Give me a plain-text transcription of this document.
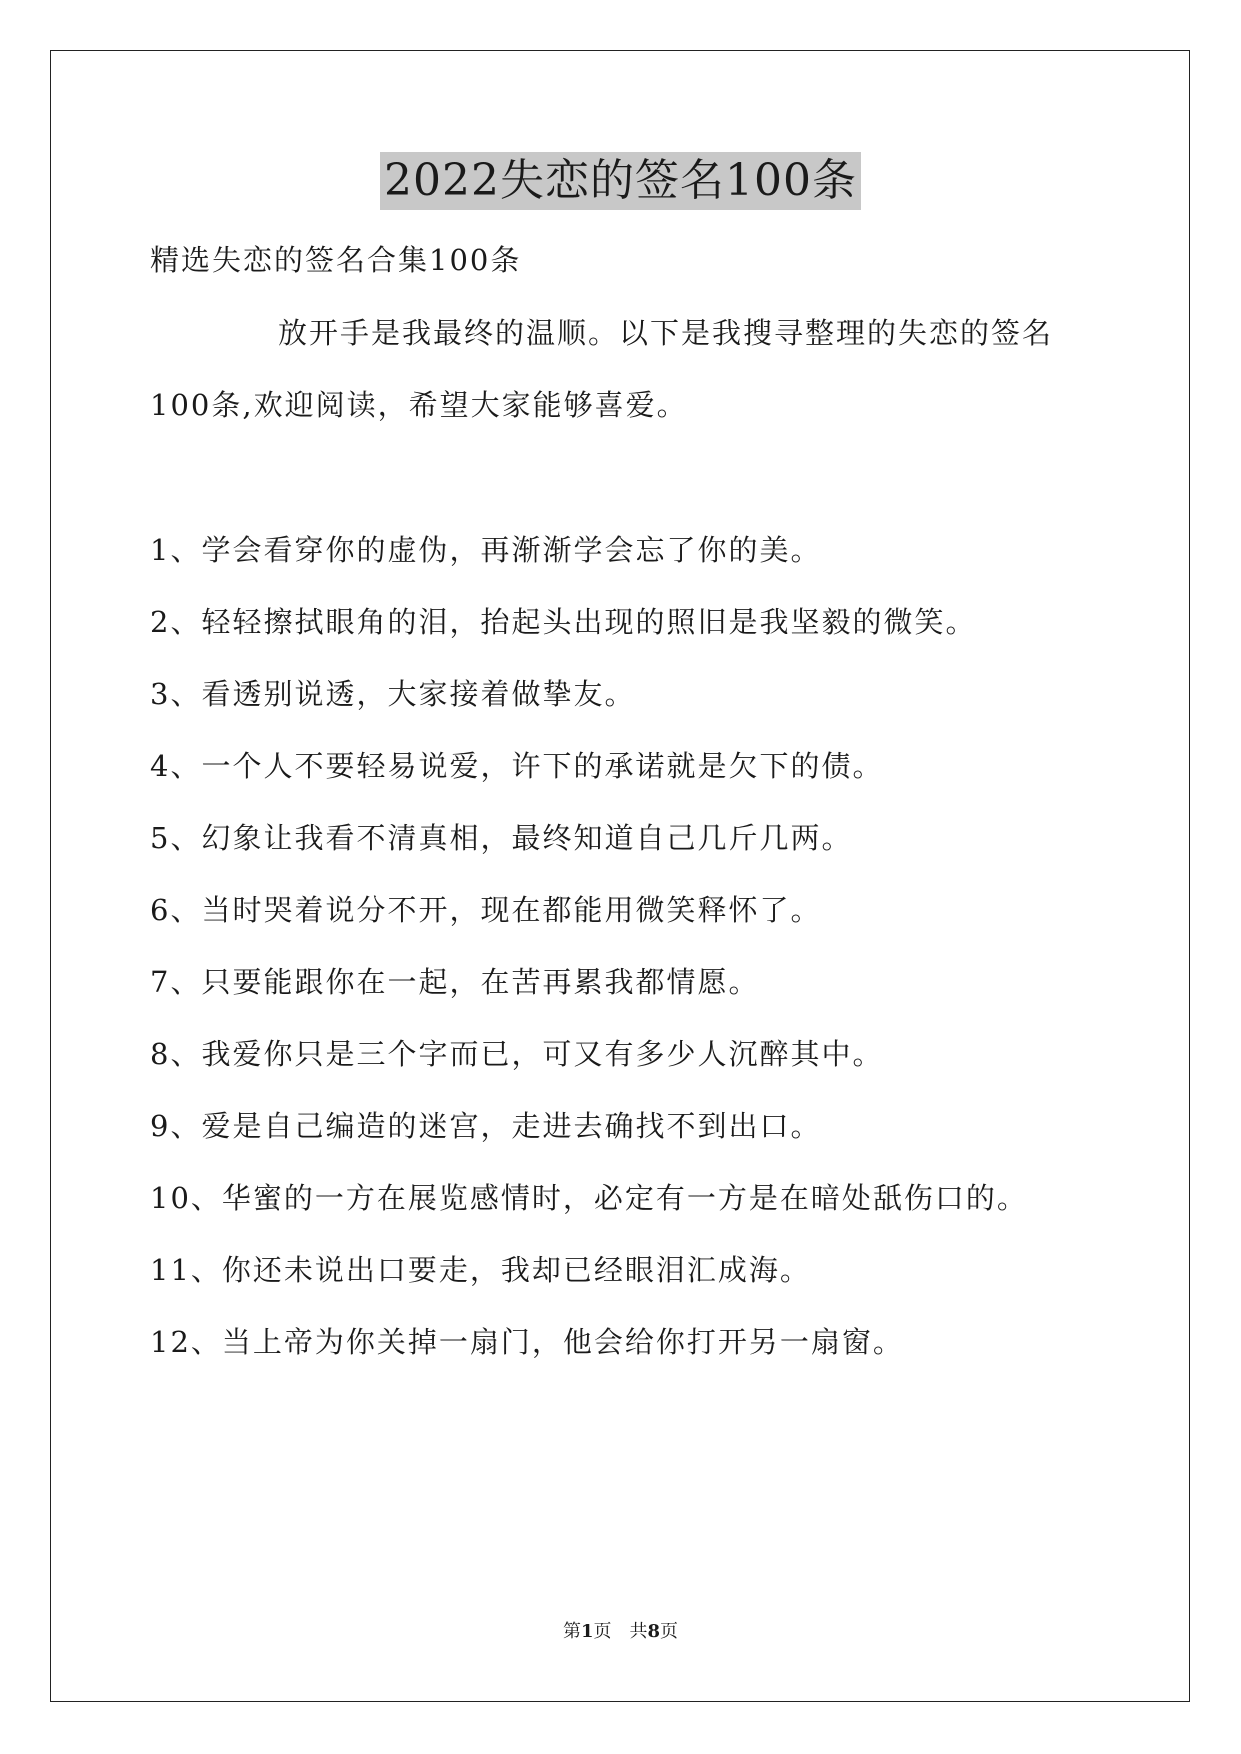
2022失恋的签名100条
精选失恋的签名合集100条
放开手是我最终的温顺。以下是我搜寻整理的失恋的签名
100条,欢迎阅读，希望大家能够喜爱。
1、学会看穿你的虚伪，再渐渐学会忘了你的美。
2、轻轻擦拭眼角的泪，抬起头出现的照旧是我坚毅的微笑。
3、看透别说透，大家接着做挚友。
4、一个人不要轻易说爱，许下的承诺就是欠下的债。
5、幻象让我看不清真相，最终知道自己几斤几两。
6、当时哭着说分不开，现在都能用微笑释怀了。
7、只要能跟你在一起，在苦再累我都情愿。
8、我爱你只是三个字而已，可又有多少人沉醉其中。
9、爱是自己编造的迷宫，走进去确找不到出口。
10、华蜜的一方在展览感情时，必定有一方是在暗处舐伤口的。
11、你还未说出口要走，我却已经眼泪汇成海。
12、当上帝为你关掉一扇门，他会给你打开另一扇窗。
第1页 共8页
